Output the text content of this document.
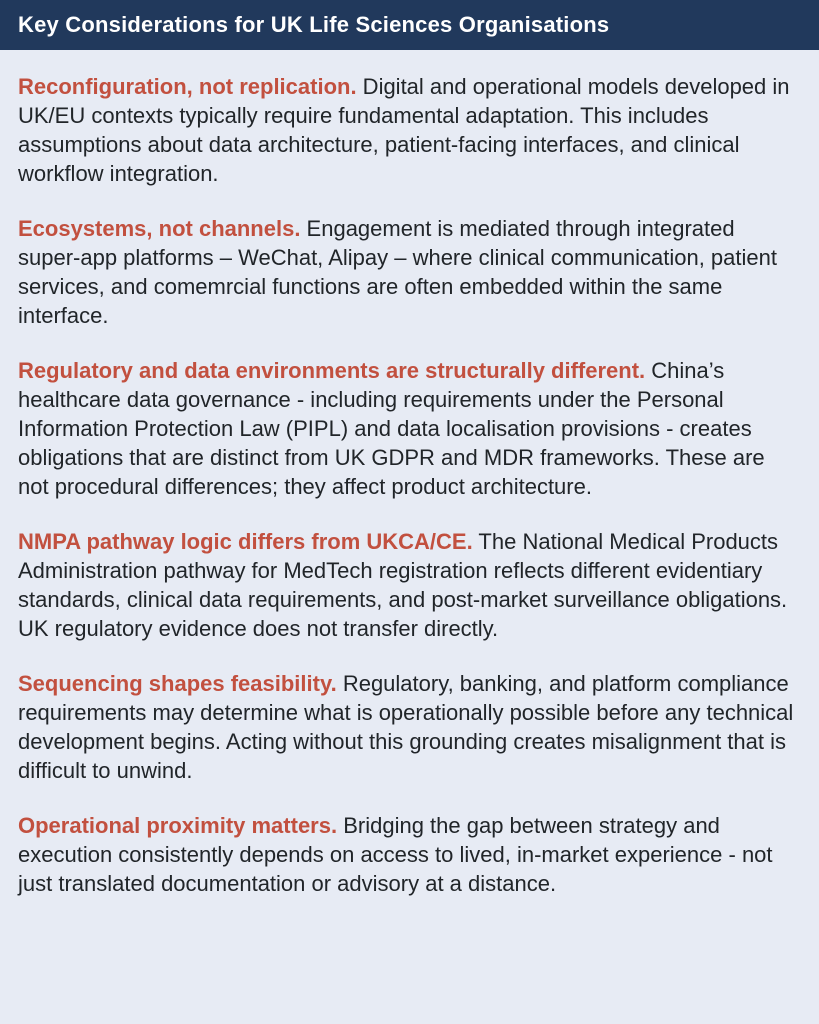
Key Considerations for UK Life Sciences Organisations

Reconfiguration, not replication. Digital and operational models developed in UK/EU contexts typically require fundamental adaptation. This includes assumptions about data architecture, patient-facing interfaces, and clinical workflow integration.

Ecosystems, not channels. Engagement is mediated through integrated super-app platforms – WeChat, Alipay – where clinical communication, patient services, and comemrcial functions are often embedded within the same interface.

Regulatory and data environments are structurally different. China’s healthcare data governance - including requirements under the Personal Information Protection Law (PIPL) and data localisation provisions - creates obligations that are distinct from UK GDPR and MDR frameworks. These are not procedural differences; they affect product architecture.

NMPA pathway logic differs from UKCA/CE. The National Medical Products Administration pathway for MedTech registration reflects different evidentiary standards, clinical data requirements, and post-market surveillance obligations. UK regulatory evidence does not transfer directly.

Sequencing shapes feasibility. Regulatory, banking, and platform compliance requirements may determine what is operationally possible before any technical development begins. Acting without this grounding creates misalignment that is difficult to unwind.

Operational proximity matters. Bridging the gap between strategy and execution consistently depends on access to lived, in-market experience - not just translated documentation or advisory at a distance.
